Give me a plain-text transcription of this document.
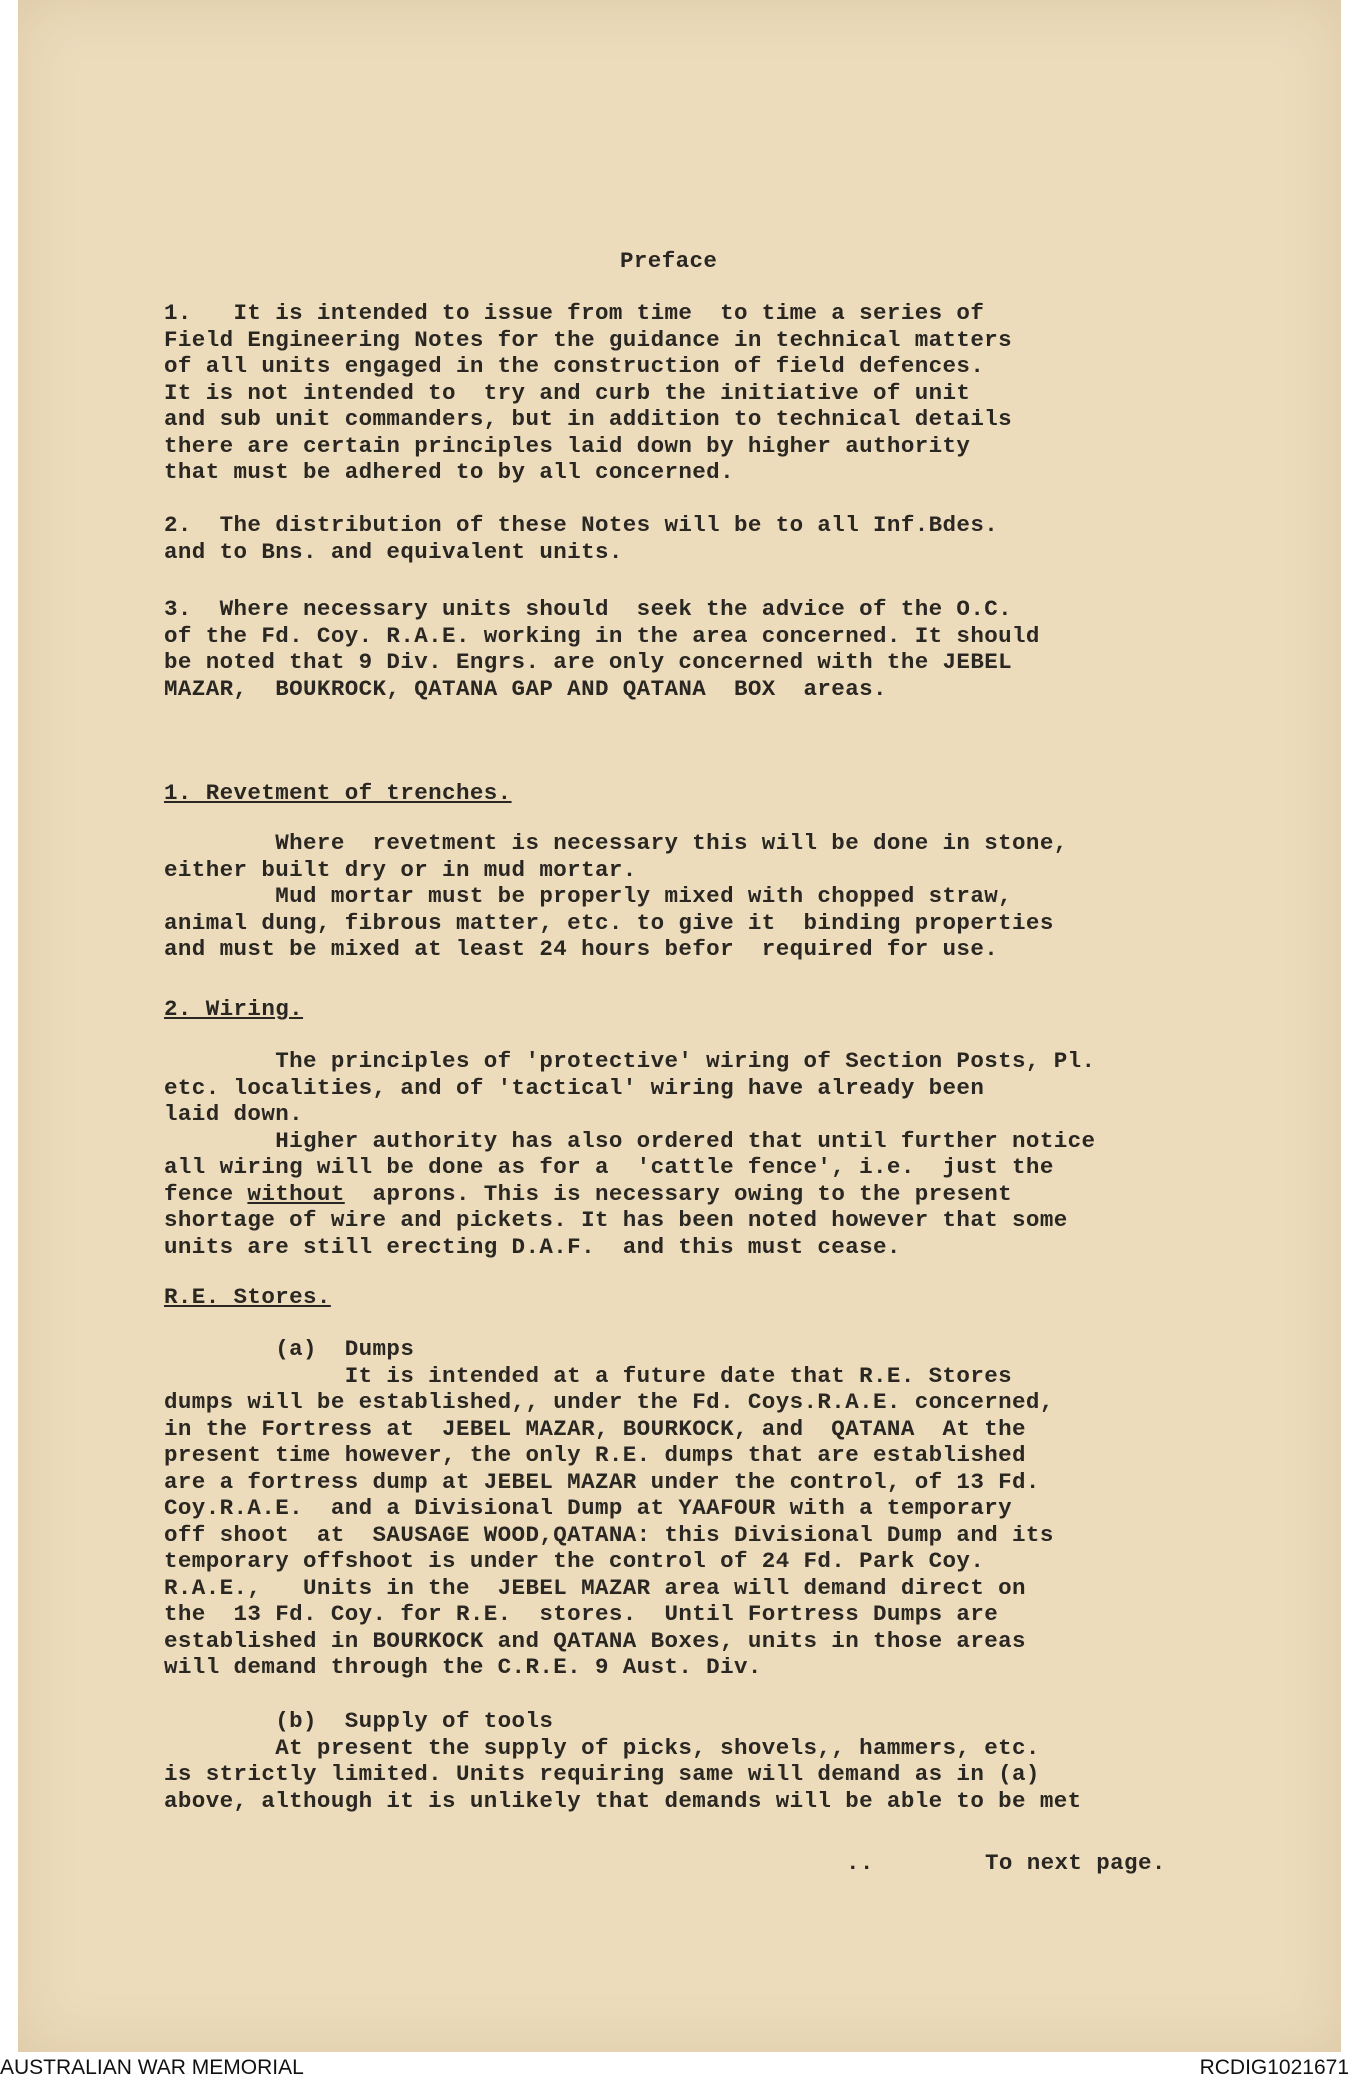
Preface

1.   It is intended to issue from time  to time a series of
Field Engineering Notes for the guidance in technical matters
of all units engaged in the construction of field defences.
It is not intended to  try and curb the initiative of unit
and sub unit commanders, but in addition to technical details
there are certain principles laid down by higher authority
that must be adhered to by all concerned.

2.  The distribution of these Notes will be to all Inf.Bdes.
and to Bns. and equivalent units.

3.  Where necessary units should  seek the advice of the O.C.
of the Fd. Coy. R.A.E. working in the area concerned. It should
be noted that 9 Div. Engrs. are only concerned with the JEBEL
MAZAR,  BOUKROCK, QATANA GAP AND QATANA  BOX  areas.

1. Revetment of trenches.

Where  revetment is necessary this will be done in stone,
either built dry or in mud mortar.
Mud mortar must be properly mixed with chopped straw,
animal dung, fibrous matter, etc. to give it  binding properties
and must be mixed at least 24 hours befor  required for use.

2. Wiring.

The principles of 'protective' wiring of Section Posts, Pl.
etc. localities, and of 'tactical' wiring have already been
laid down.
Higher authority has also ordered that until further notice
all wiring will be done as for a  'cattle fence', i.e.  just the
fence without  aprons. This is necessary owing to the present
shortage of wire and pickets. It has been noted however that some
units are still erecting D.A.F.  and this must cease.

R.E. Stores.

(a)  Dumps
It is intended at a future date that R.E. Stores
dumps will be established,, under the Fd. Coys.R.A.E. concerned,
in the Fortress at  JEBEL MAZAR, BOURKOCK, and  QATANA  At the
present time however, the only R.E. dumps that are established
are a fortress dump at JEBEL MAZAR under the control, of 13 Fd.
Coy.R.A.E.  and a Divisional Dump at YAAFOUR with a temporary
off shoot  at  SAUSAGE WOOD,QATANA: this Divisional Dump and its
temporary offshoot is under the control of 24 Fd. Park Coy.
R.A.E.,   Units in the  JEBEL MAZAR area will demand direct on
the  13 Fd. Coy. for R.E.  stores.  Until Fortress Dumps are
established in BOURKOCK and QATANA Boxes, units in those areas
will demand through the C.R.E. 9 Aust. Div.

(b)  Supply of tools
At present the supply of picks, shovels,, hammers, etc.
is strictly limited. Units requiring same will demand as in (a)
above, although it is unlikely that demands will be able to be met

..        To next page.

AUSTRALIAN WAR MEMORIAL	RCDIG1021671
